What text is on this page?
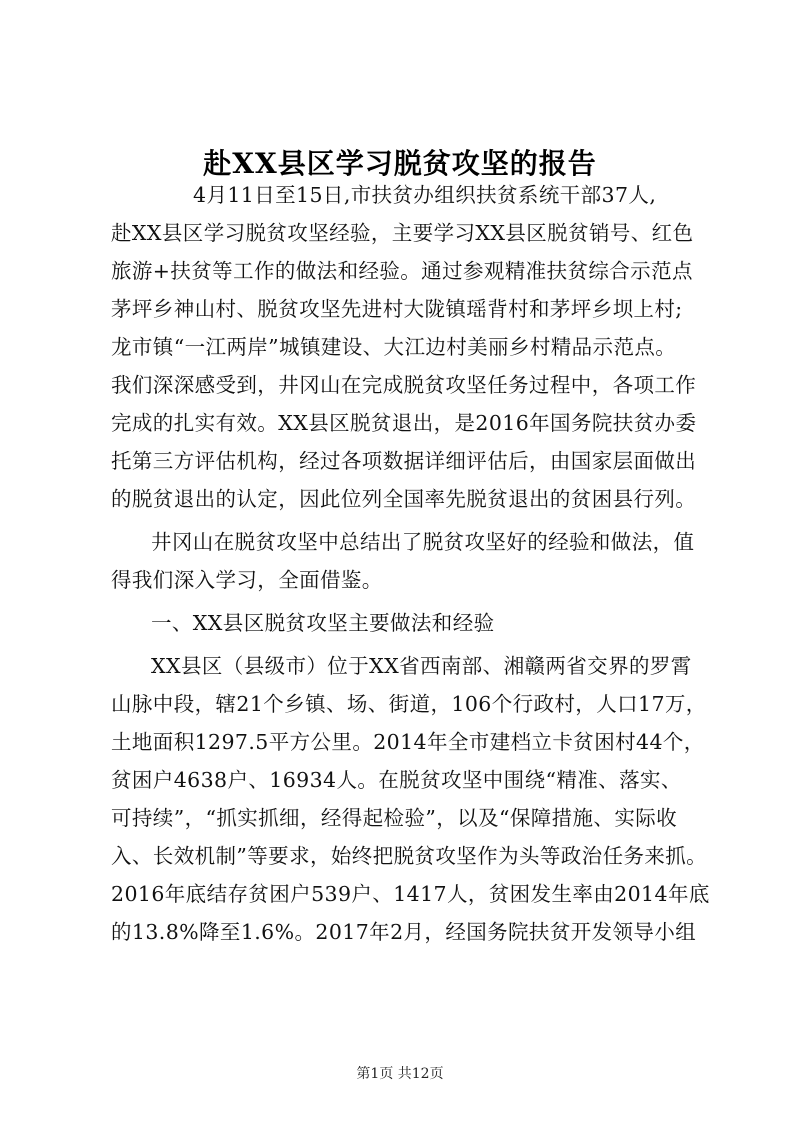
赴XX县区学习脱贫攻坚的报告
4月11日至15日,市扶贫办组织扶贫系统干部37人,
赴XX县区学习脱贫攻坚经验，主要学习XX县区脱贫销号、红色
旅游+扶贫等工作的做法和经验。通过参观精准扶贫综合示范点
茅坪乡神山村、脱贫攻坚先进村大陇镇瑶背村和茅坪乡坝上村;
龙市镇“一江两岸”城镇建设、大江边村美丽乡村精品示范点。
我们深深感受到，井冈山在完成脱贫攻坚任务过程中，各项工作
完成的扎实有效。XX县区脱贫退出，是2016年国务院扶贫办委
托第三方评估机构，经过各项数据详细评估后，由国家层面做出
的脱贫退出的认定，因此位列全国率先脱贫退出的贫困县行列。
井冈山在脱贫攻坚中总结出了脱贫攻坚好的经验和做法，值
得我们深入学习，全面借鉴。
一、XX县区脱贫攻坚主要做法和经验
XX县区（县级市）位于XX省西南部、湘赣两省交界的罗霄
山脉中段，辖21个乡镇、场、街道，106个行政村，人口17万，
土地面积1297.5平方公里。2014年全市建档立卡贫困村44个，
贫困户4638户、16934人。在脱贫攻坚中围绕“精准、落实、
可持续”，“抓实抓细，经得起检验”，以及“保障措施、实际收
入、长效机制”等要求，始终把脱贫攻坚作为头等政治任务来抓。
2016年底结存贫困户539户、1417人，贫困发生率由2014年底
的13.8%降至1.6%。2017年2月，经国务院扶贫开发领导小组
第1页 共12页
